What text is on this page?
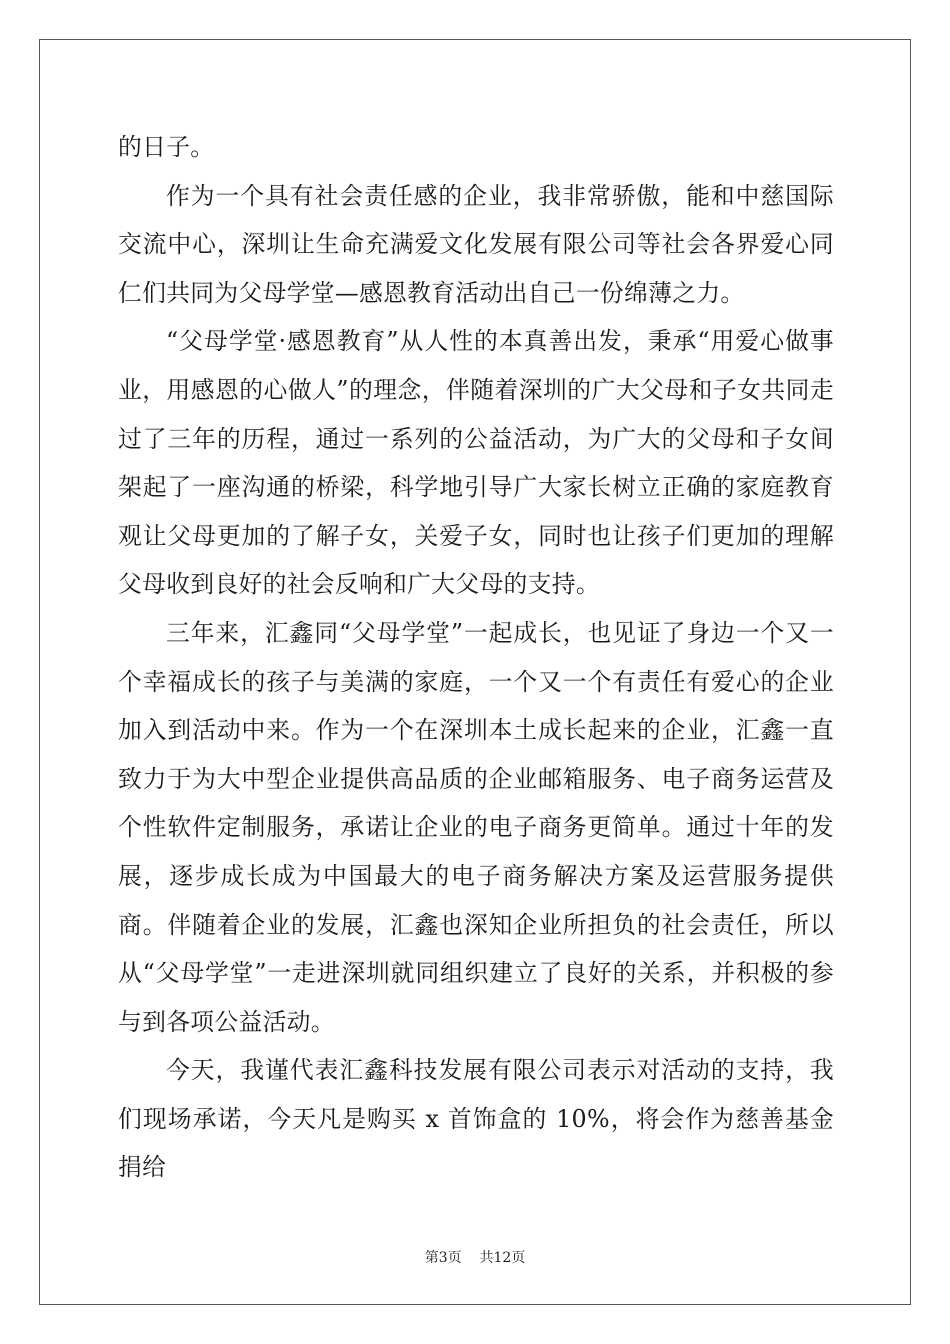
的日子。

作为一个具有社会责任感的企业，我非常骄傲，能和中慈国际交流中心，深圳让生命充满爱文化发展有限公司等社会各界爱心同仁们共同为父母学堂—感恩教育活动出自己一份绵薄之力。

“父母学堂·感恩教育”从人性的本真善出发，秉承“用爱心做事业，用感恩的心做人”的理念，伴随着深圳的广大父母和子女共同走过了三年的历程，通过一系列的公益活动，为广大的父母和子女间架起了一座沟通的桥梁，科学地引导广大家长树立正确的家庭教育观让父母更加的了解子女，关爱子女，同时也让孩子们更加的理解父母收到良好的社会反响和广大父母的支持。

三年来，汇鑫同“父母学堂”一起成长，也见证了身边一个又一个幸福成长的孩子与美满的家庭，一个又一个有责任有爱心的企业加入到活动中来。作为一个在深圳本土成长起来的企业，汇鑫一直致力于为大中型企业提供高品质的企业邮箱服务、电子商务运营及个性软件定制服务，承诺让企业的电子商务更简单。通过十年的发展，逐步成长成为中国最大的电子商务解决方案及运营服务提供商。伴随着企业的发展，汇鑫也深知企业所担负的社会责任，所以从“父母学堂”一走进深圳就同组织建立了良好的关系，并积极的参与到各项公益活动。

今天，我谨代表汇鑫科技发展有限公司表示对活动的支持，我们现场承诺，今天凡是购买 x 首饰盒的 10%，将会作为慈善基金捐给

第3页    共12页
